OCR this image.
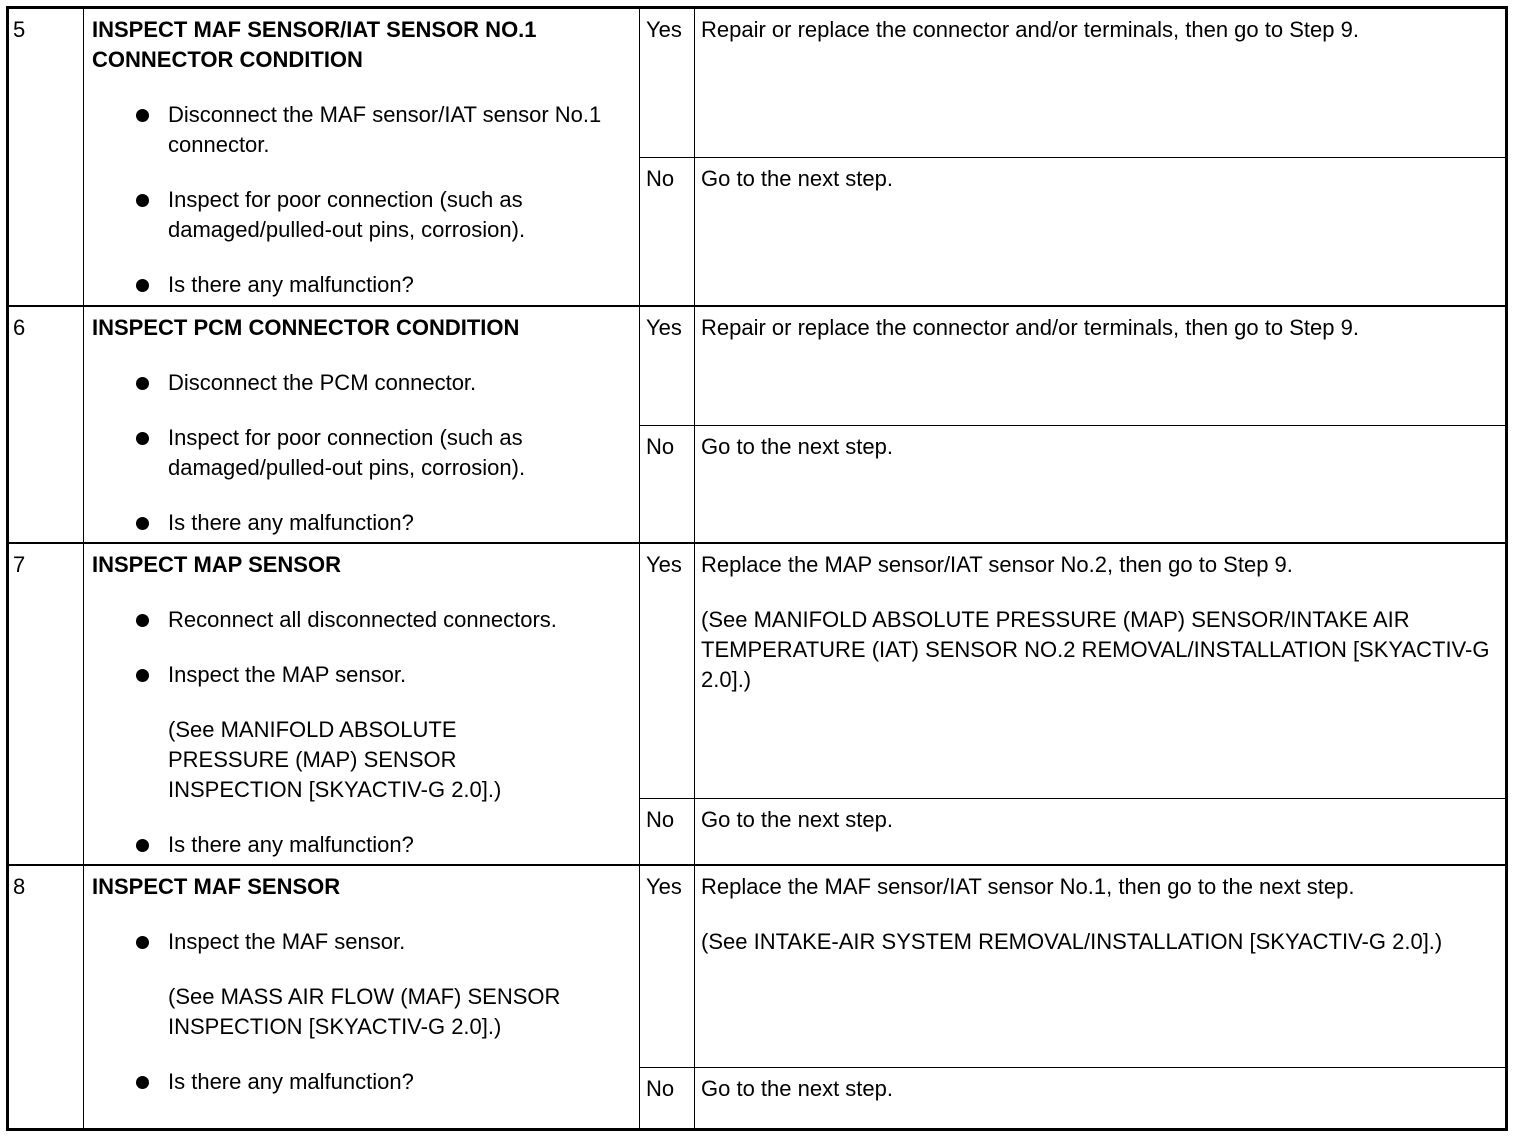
5	INSPECT MAF SENSOR/IAT SENSOR NO.1
CONNECTOR CONDITION

Disconnect the MAF sensor/IAT sensor No.1 connector.
Inspect for poor connection (such as damaged/pulled-out pins, corrosion).
Is there any malfunction?
Yes Repair or replace the connector and/or terminals, then go to Step 9.
No	Go to the next step.
6	INSPECT PCM CONNECTOR CONDITION

Disconnect the PCM connector.
Inspect for poor connection (such as damaged/pulled-out pins, corrosion).
Is there any malfunction?
Yes Repair or replace the connector and/or terminals, then go to Step 9.
No	Go to the next step.
7	INSPECT MAP SENSOR

Reconnect all disconnected connectors.
Inspect the MAP sensor.
(See MANIFOLD ABSOLUTE PRESSURE (MAP) SENSOR INSPECTION [SKYACTIV-G 2.0].)
Is there any malfunction?
Yes Replace the MAP sensor/IAT sensor No.2, then go to Step 9.
(See MANIFOLD ABSOLUTE PRESSURE (MAP) SENSOR/INTAKE AIR TEMPERATURE (IAT) SENSOR NO.2 REMOVAL/INSTALLATION [SKYACTIV-G 2.0].)
No	Go to the next step.
8	INSPECT MAF SENSOR

Inspect the MAF sensor.
(See MASS AIR FLOW (MAF) SENSOR INSPECTION [SKYACTIV-G 2.0].)
Is there any malfunction?
Yes Replace the MAF sensor/IAT sensor No.1, then go to the next step.
(See INTAKE-AIR SYSTEM REMOVAL/INSTALLATION [SKYACTIV-G 2.0].)
No	Go to the next step.
